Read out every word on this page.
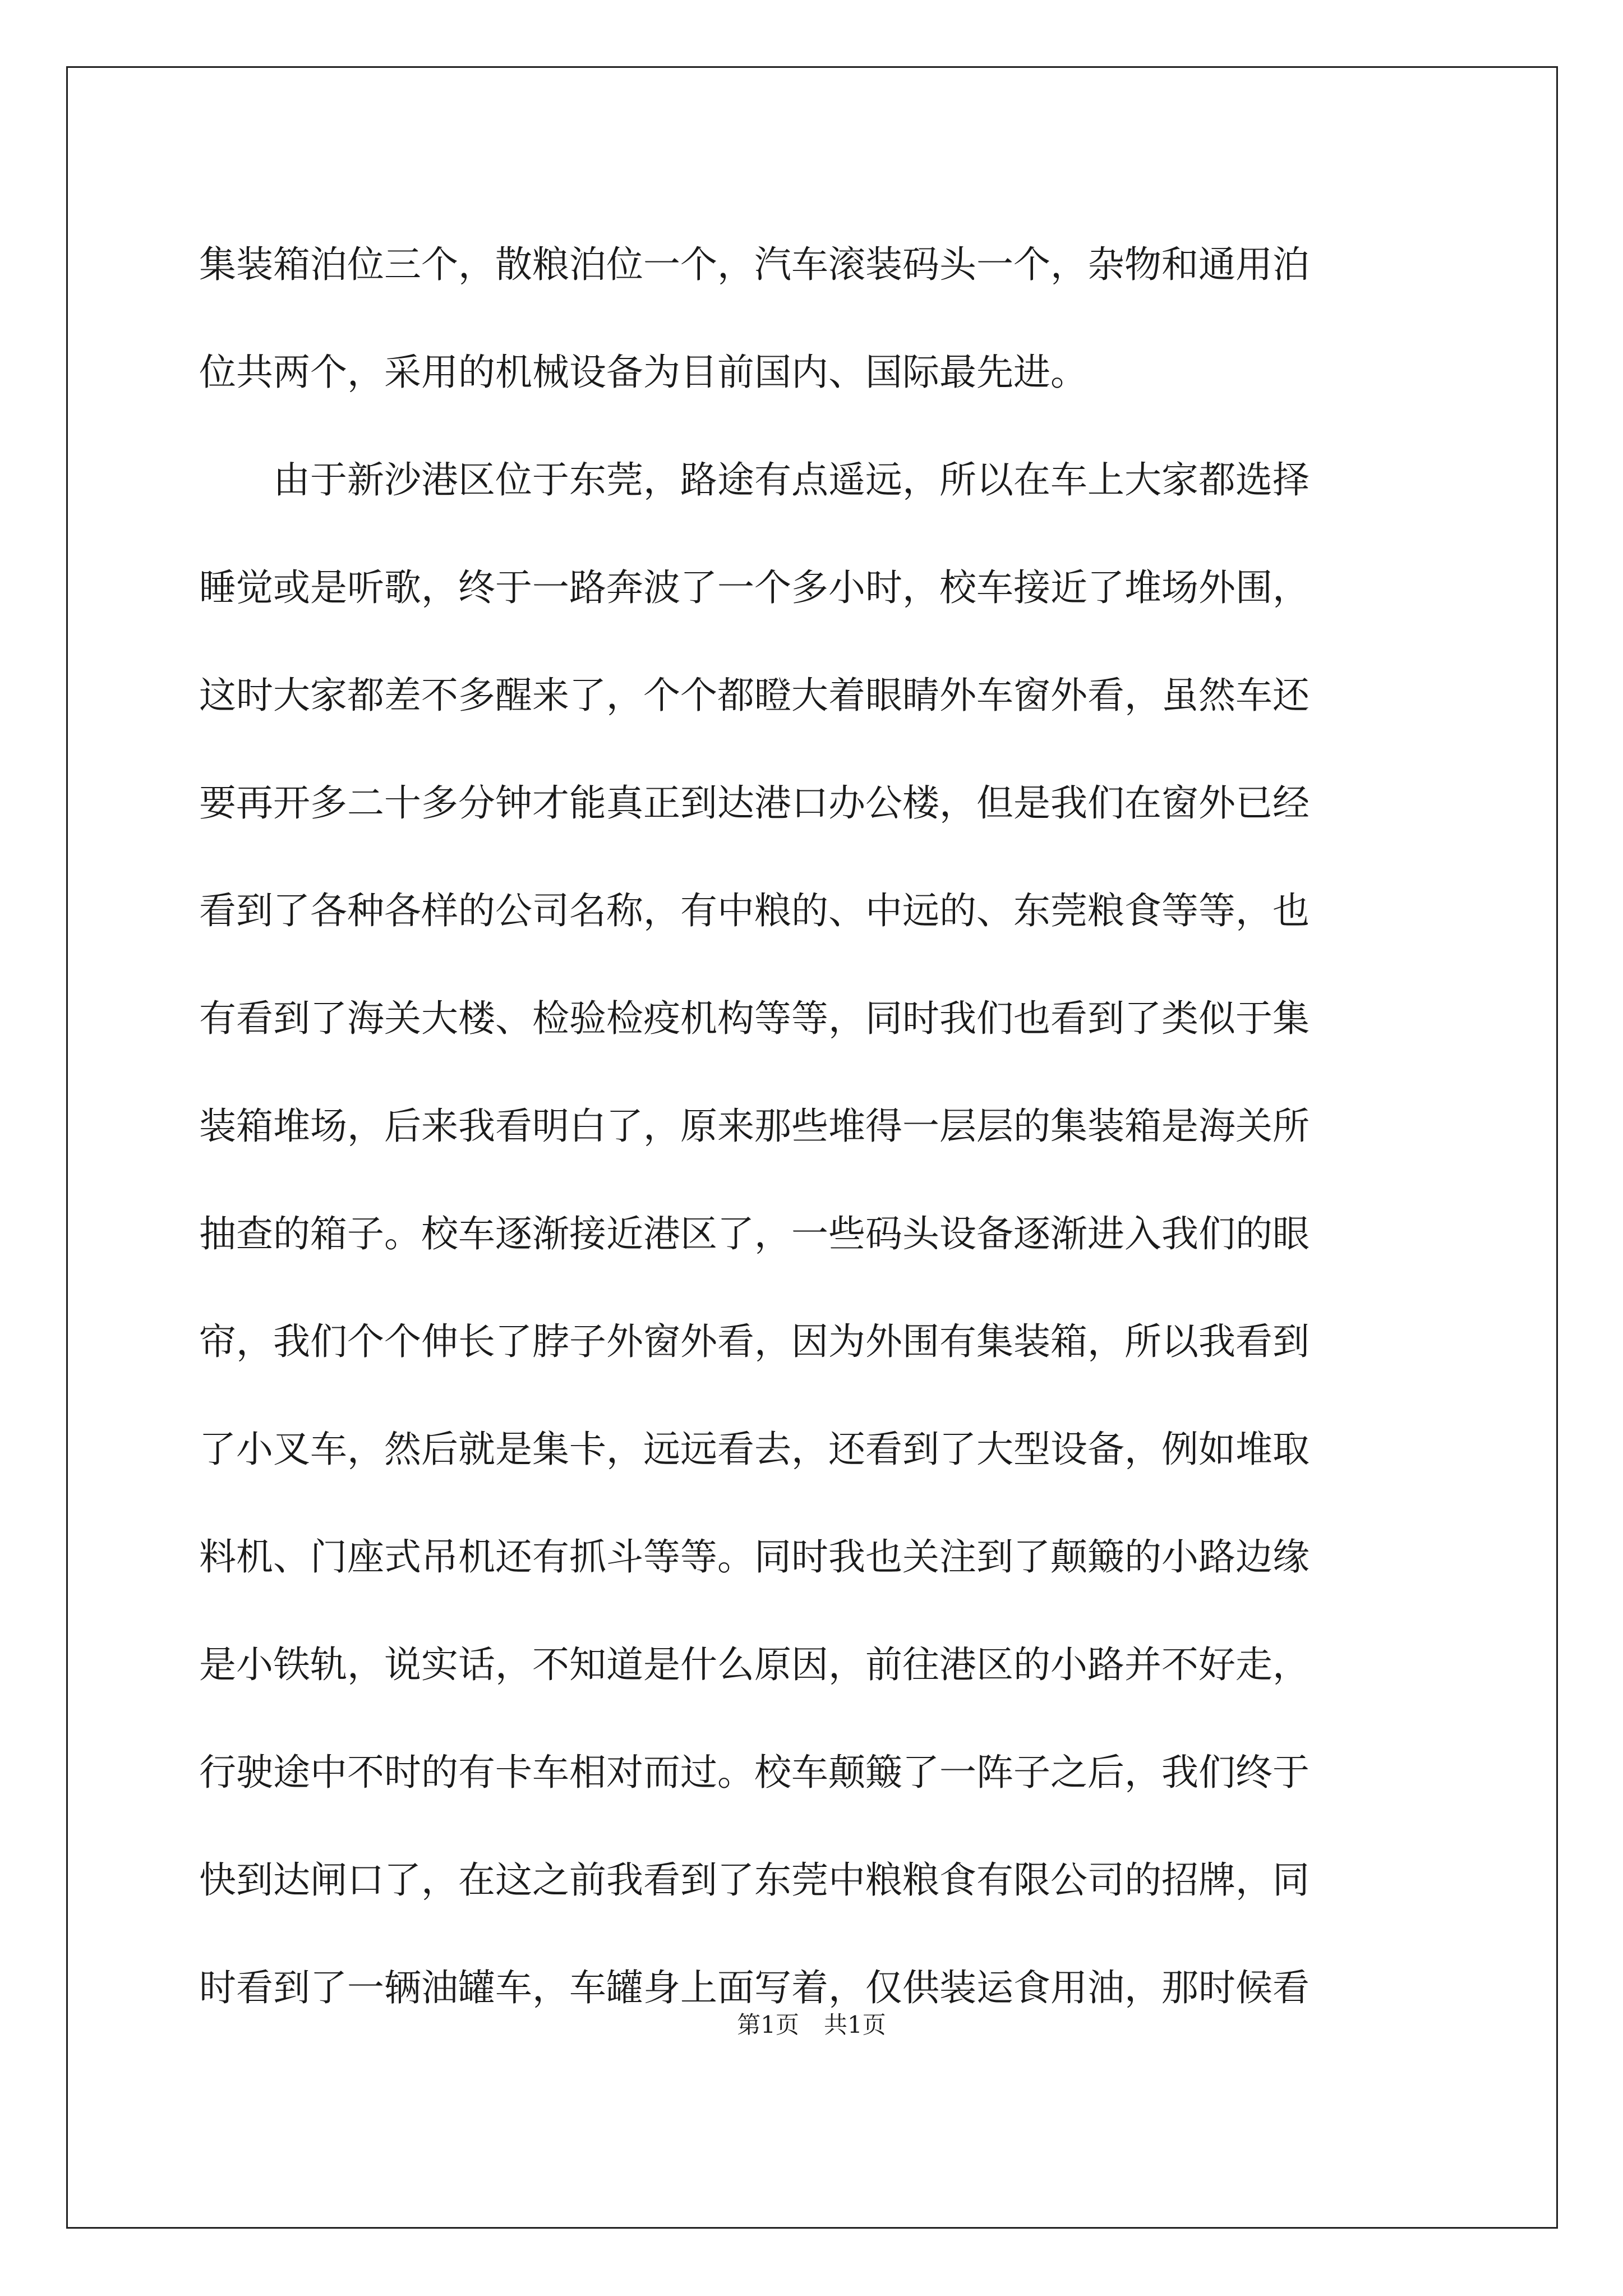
集装箱泊位三个，散粮泊位一个，汽车滚装码头一个，杂物和通用泊
位共两个，采用的机械设备为目前国内、国际最先进。

　　由于新沙港区位于东莞，路途有点遥远，所以在车上大家都选择
睡觉或是听歌，终于一路奔波了一个多小时，校车接近了堆场外围，
这时大家都差不多醒来了，个个都瞪大着眼睛外车窗外看，虽然车还
要再开多二十多分钟才能真正到达港口办公楼，但是我们在窗外已经
看到了各种各样的公司名称，有中粮的、中远的、东莞粮食等等，也
有看到了海关大楼、检验检疫机构等等，同时我们也看到了类似于集
装箱堆场，后来我看明白了，原来那些堆得一层层的集装箱是海关所
抽查的箱子。校车逐渐接近港区了，一些码头设备逐渐进入我们的眼
帘，我们个个伸长了脖子外窗外看，因为外围有集装箱，所以我看到
了小叉车，然后就是集卡，远远看去，还看到了大型设备，例如堆取
料机、门座式吊机还有抓斗等等。同时我也关注到了颠簸的小路边缘
是小铁轨，说实话，不知道是什么原因，前往港区的小路并不好走，
行驶途中不时的有卡车相对而过。校车颠簸了一阵子之后，我们终于
快到达闸口了，在这之前我看到了东莞中粮粮食有限公司的招牌，同
时看到了一辆油罐车，车罐身上面写着，仅供装运食用油，那时候看

第1页 共1页
